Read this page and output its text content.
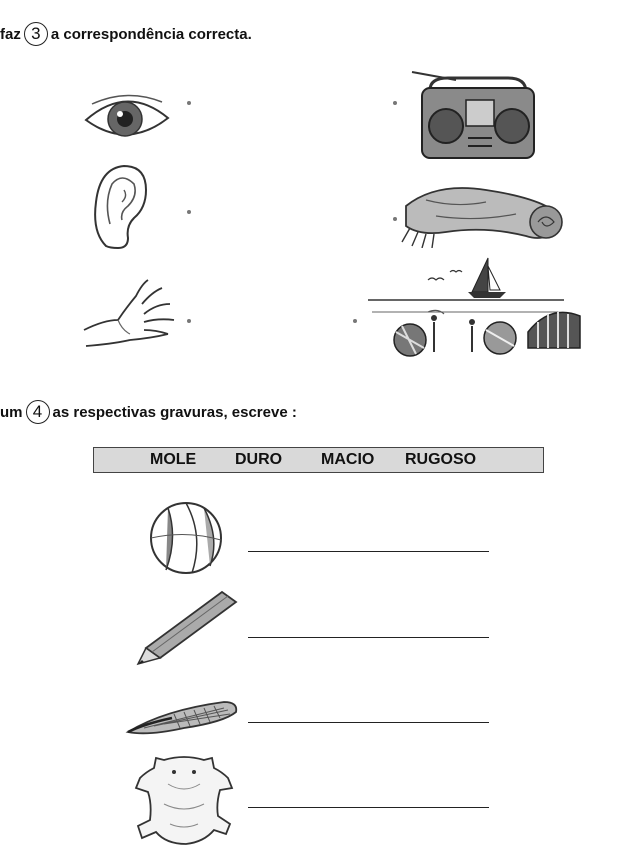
faz 3 a correspondência correcta.
um 4 as respectivas gravuras, escreve :
MOLE DURO MACIO RUGOSO
